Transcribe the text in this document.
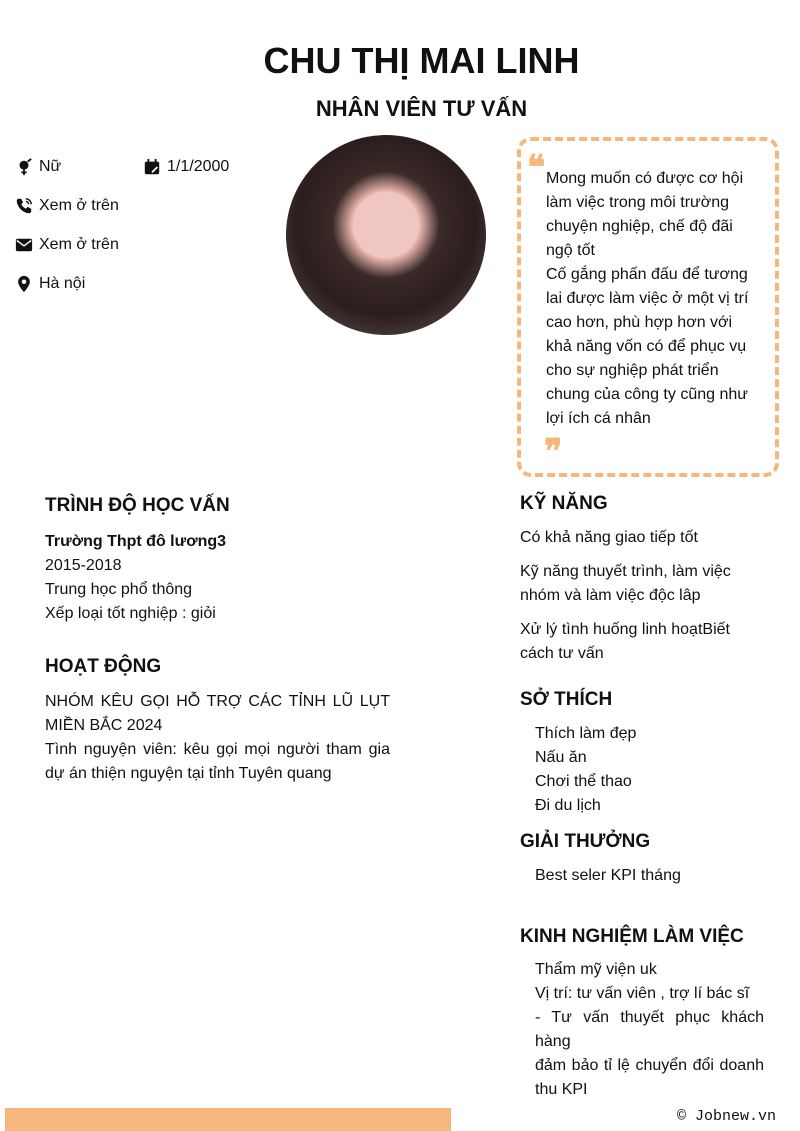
CHU THỊ MAI LINH
NHÂN VIÊN TƯ VẤN
Nữ	1/1/2000
Xem ở trên
Xem ở trên
Hà nội
❝ Mong muốn có được cơ hội làm việc trong môi trường chuyện nghiệp, chế độ đãi ngộ tốt
Cố gắng phấn đấu để tương lai được làm việc ở một vị trí cao hơn, phù hợp hơn với khả năng vốn có để phục vụ cho sự nghiệp phát triển chung của công ty cũng như lợi ích cá nhân
❞
TRÌNH ĐỘ HỌC VẤN
Trường Thpt đô lương3
2015-2018
Trung học phổ thông
Xếp loại tốt nghiệp : giỏi
HOẠT ĐỘNG
NHÓM KÊU GỌI HỖ TRỢ CÁC TỈNH LŨ LỤT MIỀN BẮC 2024
Tình nguyện viên: kêu gọi mọi người tham gia dự án thiện nguyện tại tỉnh Tuyên quang
KỸ NĂNG
Có khả năng giao tiếp tốt
Kỹ năng thuyết trình, làm việc nhóm và làm việc độc lâp
Xử lý tình huống linh hoạtBiết cách tư vấn
SỞ THÍCH
Thích làm đẹp
Nấu ăn
Chơi thể thao
Đi du lịch
GIẢI THƯỞNG
Best seler KPI tháng
KINH NGHIỆM LÀM VIỆC
Thẩm mỹ viện uk
Vị trí: tư vấn viên , trợ lí bác sĩ
- Tư vấn thuyết phục khách hàng
đảm bảo tỉ lệ chuyển đổi doanh thu KPI
© Jobnew.vn
